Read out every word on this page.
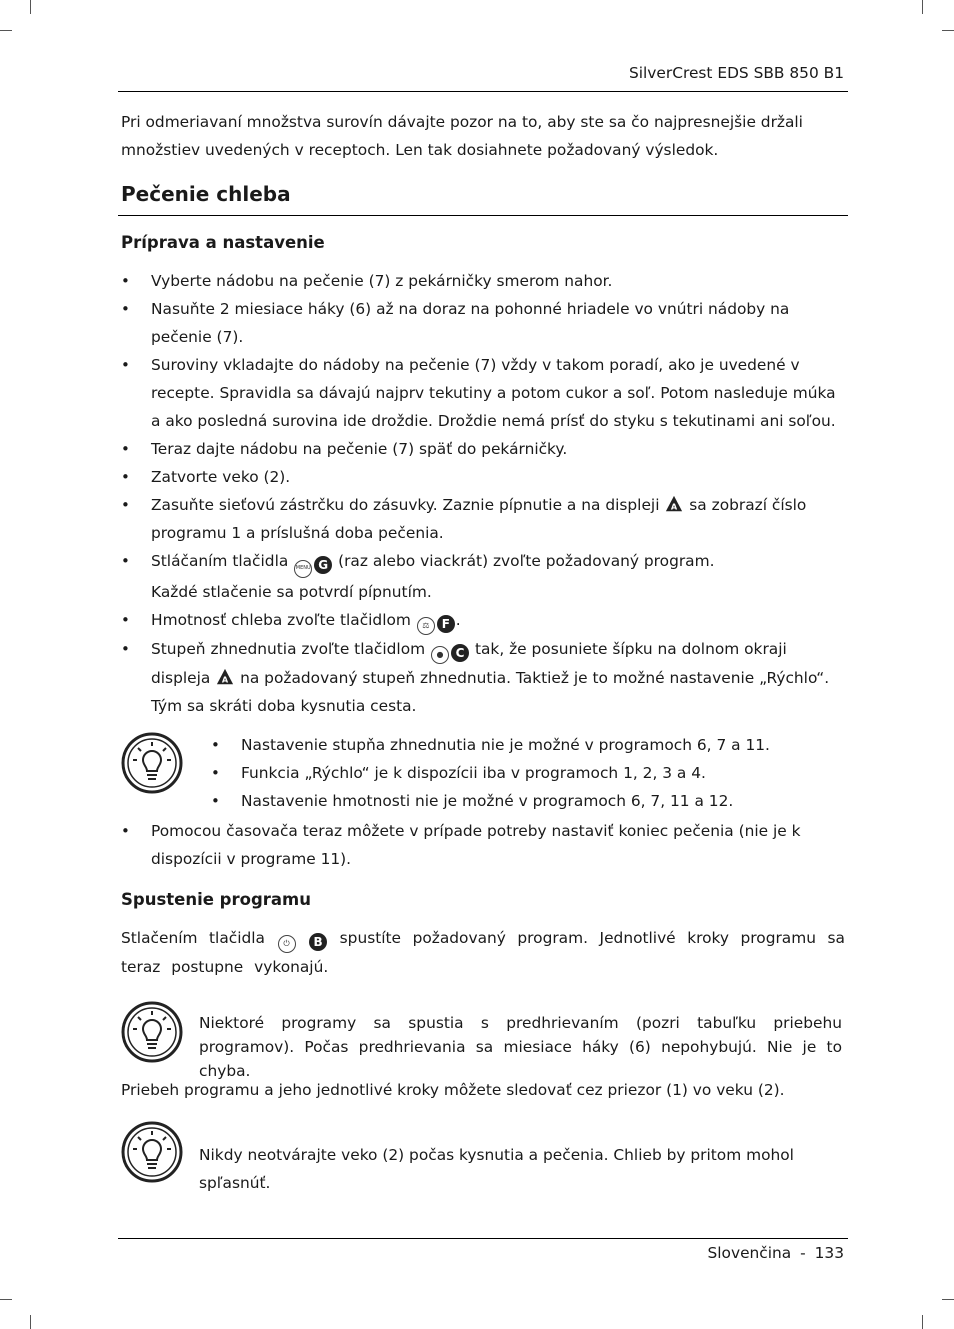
SilverCrest EDS SBB 850 B1
Pri odmeriavaní množstva surovín dávajte pozor na to, aby ste sa čo najpresnejšie držali množstiev uvedených v receptoch. Len tak dosiahnete požadovaný výsledok.
Pečenie chleba
Príprava a nastavenie
• Vyberte nádobu na pečenie (7) z pekárničky smerom nahor.
• Nasuňte 2 miesiace háky (6) až na doraz na pohonné hriadele vo vnútri nádoby na pečenie (7).
• Suroviny vkladajte do nádoby na pečenie (7) vždy v takom poradí, ako je uvedené v recepte. Spravidla sa dávajú najprv tekutiny a potom cukor a soľ. Potom nasleduje múka a ako posledná surovina ide droždie. Droždie nemá prísť do styku s tekutinami ani soľou.
• Teraz dajte nádobu na pečenie (7) späť do pekárničky.
• Zatvorte veko (2).
• Zasuňte sieťovú zástrčku do zásuvky. Zaznie pípnutie a na displeji A sa zobrazí číslo programu 1 a príslušná doba pečenia.
• Stláčaním tlačidla MENU G (raz alebo viackrát) zvoľte požadovaný program.
Každé stlačenie sa potvrdí pípnutím.
• Hmotnosť chleba zvoľte tlačidlom ⚖ F .
• Stupeň zhnednutia zvoľte tlačidlom ● C tak, že posuniete šípku na dolnom okraji displeja A na požadovaný stupeň zhnednutia. Taktiež je to možné nastavenie „Rýchlo“. Tým sa skráti doba kysnutia cesta.
• Nastavenie stupňa zhnednutia nie je možné v programoch 6, 7 a 11.
• Funkcia „Rýchlo“ je k dispozícii iba v programoch 1, 2, 3 a 4.
• Nastavenie hmotnosti nie je možné v programoch 6, 7, 11 a 12.
• Pomocou časovača teraz môžete v prípade potreby nastaviť koniec pečenia (nie je k dispozícii v programe 11).
Spustenie programu
Stlačením tlačidla ⏻ B spustíte požadovaný program. Jednotlivé kroky programu sa teraz postupne vykonajú.
Niektoré programy sa spustia s predhrievaním (pozri tabuľku priebehu programov). Počas predhrievania sa miesiace háky (6) nepohybujú. Nie je to chyba.
Priebeh programu a jeho jednotlivé kroky môžete sledovať cez priezor (1) vo veku (2).
Nikdy neotvárajte veko (2) počas kysnutia a pečenia. Chlieb by pritom mohol spľasnúť.
Slovenčina - 133
